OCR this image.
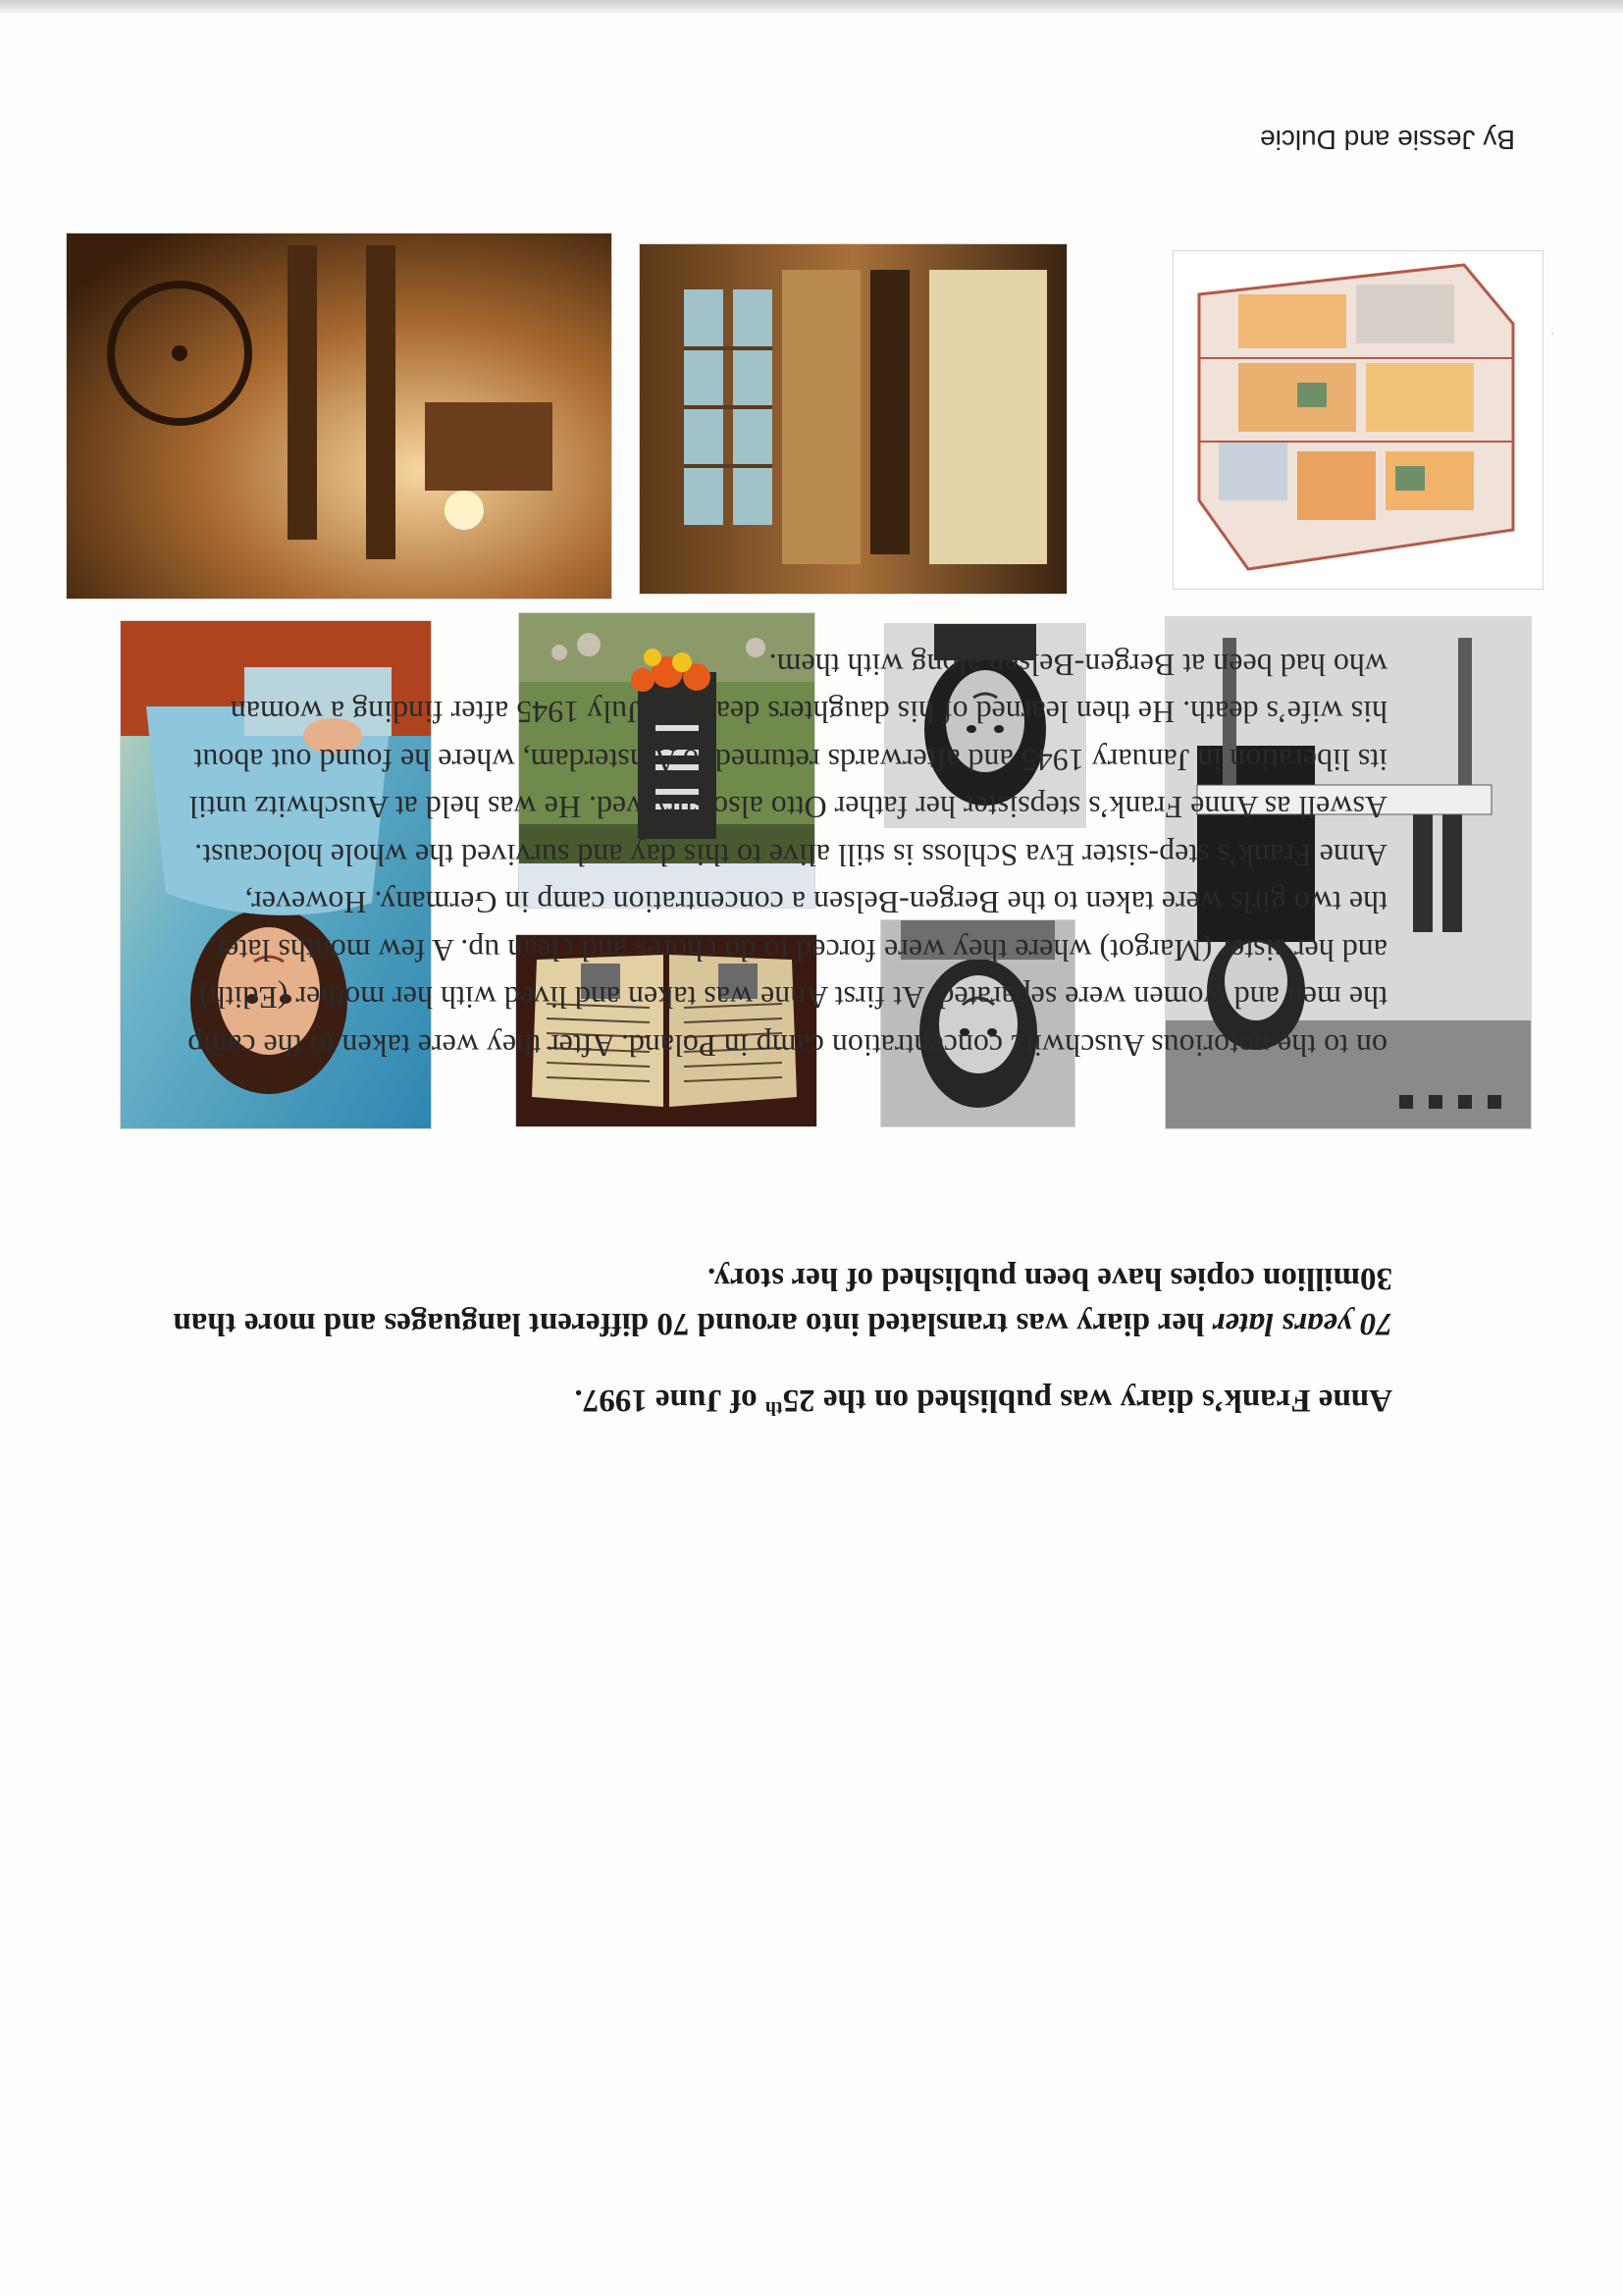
By Jessie and Dulcie

Anne Frank’s diary was published on the 25th of June 1997.

70 years later her diary was translated into around 70 different languages and more than 30million copies have been published of her story.

on to the notorious Auschwitz concentration camp in Poland. After they were taken to the camp the men and women were separated. At first Anne was taken and lived with her mother (Edith) and her sister (Margot) where they were forced to do chores and clean up. A few months later, the two girls were taken to the Bergen-Belsen a concentration camp in Germany. However, Anne Frank’s step-sister Eva Schloss is still alive to this day and survived the whole holocaust. Aswell as Anne Frank’s stepsister her father Otto also survived. He was held at Auschwitz until its liberation in January 1945 and afterwards returned to Amsterdam, where he found out about his wife’s death. He then learned of his daughters deaths in July 1945 after finding a woman who had been at Bergen-Belsen along with them.
